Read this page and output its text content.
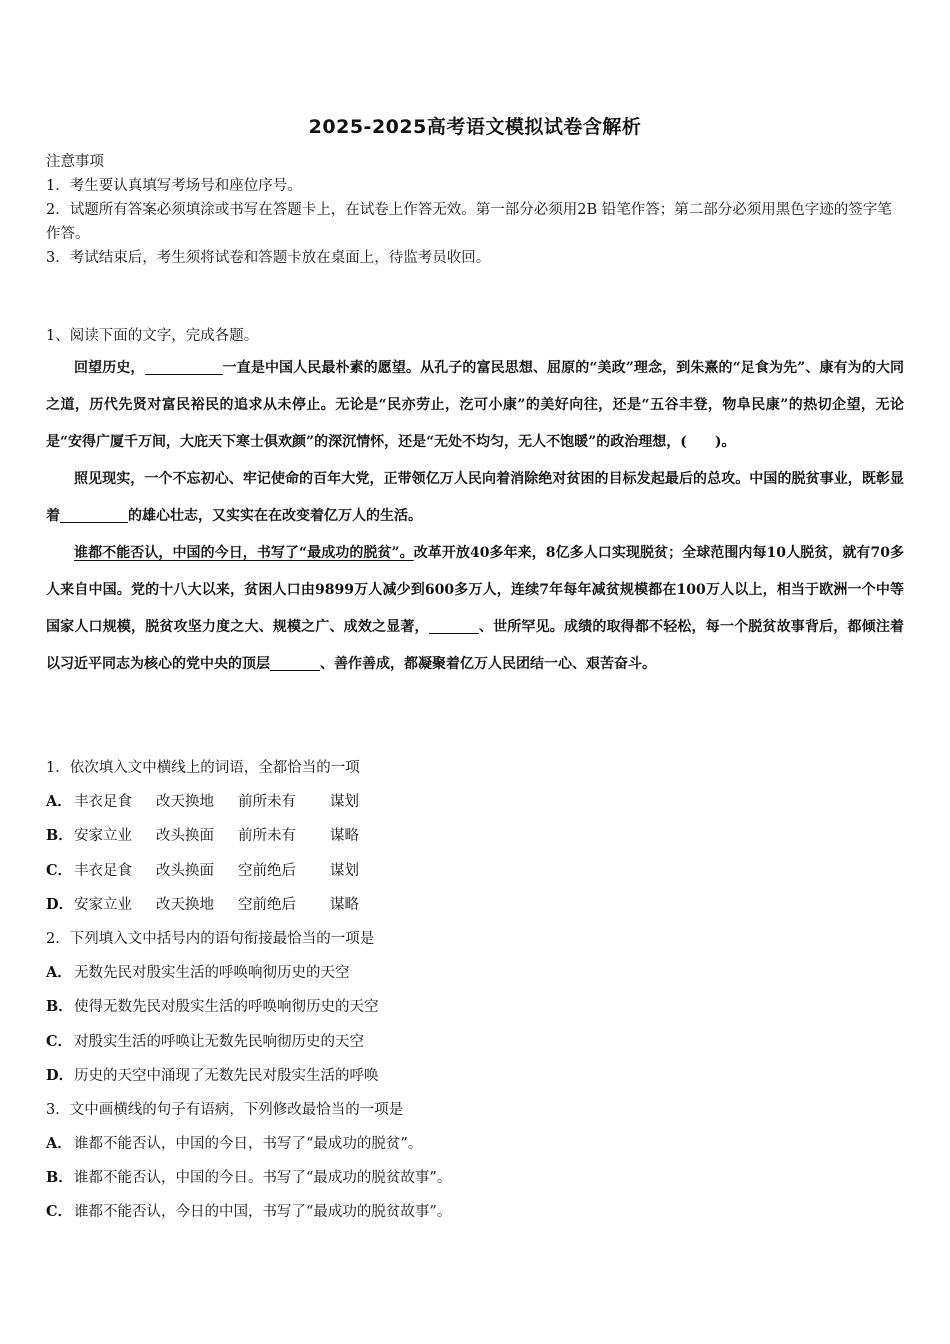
2025-2025高考语文模拟试卷含解析
注意事项
1．考生要认真填写考场号和座位序号。
2．试题所有答案必须填涂或书写在答题卡上，在试卷上作答无效。第一部分必须用2B 铅笔作答；第二部分必须用黑色字迹的签字笔作答。
3．考试结束后，考生须将试卷和答题卡放在桌面上，待监考员收回。
1、阅读下面的文字，完成各题。

回望历史，	一直是中国人民最朴素的愿望。从孔子的富民思想、屈原的“美政”理念，到朱熹的“足食为先”、康有为的大同之道，历代先贤对富民裕民的追求从未停止。无论是“民亦劳止，汔可小康”的美好向往，还是“五谷丰登，物阜民康”的热切企望，无论是“安得广厦千万间，大庇天下寒士俱欢颜”的深沉情怀，还是“无处不均匀，无人不饱暖”的政治理想，(　　)。

照见现实，一个不忘初心、牢记使命的百年大党，正带领亿万人民向着消除绝对贫困的目标发起最后的总攻。中国的脱贫事业，既彰显着	的雄心壮志，又实实在在改变着亿万人的生活。

谁都不能否认，中国的今日，书写了“最成功的脱贫”。改革开放40多年来，8亿多人口实现脱贫；全球范围内每10人脱贫，就有70多人来自中国。党的十八大以来，贫困人口由9899万人减少到600多万人，连续7年每年减贫规模都在100万人以上，相当于欧洲一个中等国家人口规模，脱贫攻坚力度之大、规模之广、成效之显著，	、世所罕见。成绩的取得都不轻松，每一个脱贫故事背后，都倾注着以习近平同志为核心的党中央的顶层	、善作善成，都凝聚着亿万人民团结一心、艰苦奋斗。

1．依次填入文中横线上的词语，全都恰当的一项
A． 丰衣足食 改天换地 前所未有 谋划
B．安家立业 改头换面 前所未有 谋略
C． 丰衣足食 改头换面 空前绝后 谋划
D．安家立业 改天换地 空前绝后 谋略
2．下列填入文中括号内的语句衔接最恰当的一项是
A． 无数先民对殷实生活的呼唤响彻历史的天空
B．使得无数先民对殷实生活的呼唤响彻历史的天空
C． 对殷实生活的呼唤让无数先民响彻历史的天空
D．历史的天空中涌现了无数先民对殷实生活的呼唤
3．文中画横线的句子有语病，下列修改最恰当的一项是
A． 谁都不能否认，中国的今日，书写了“最成功的脱贫”。
B．谁都不能否认，中国的今日。书写了“最成功的脱贫故事”。
C． 谁都不能否认，今日的中国，书写了“最成功的脱贫故事”。
